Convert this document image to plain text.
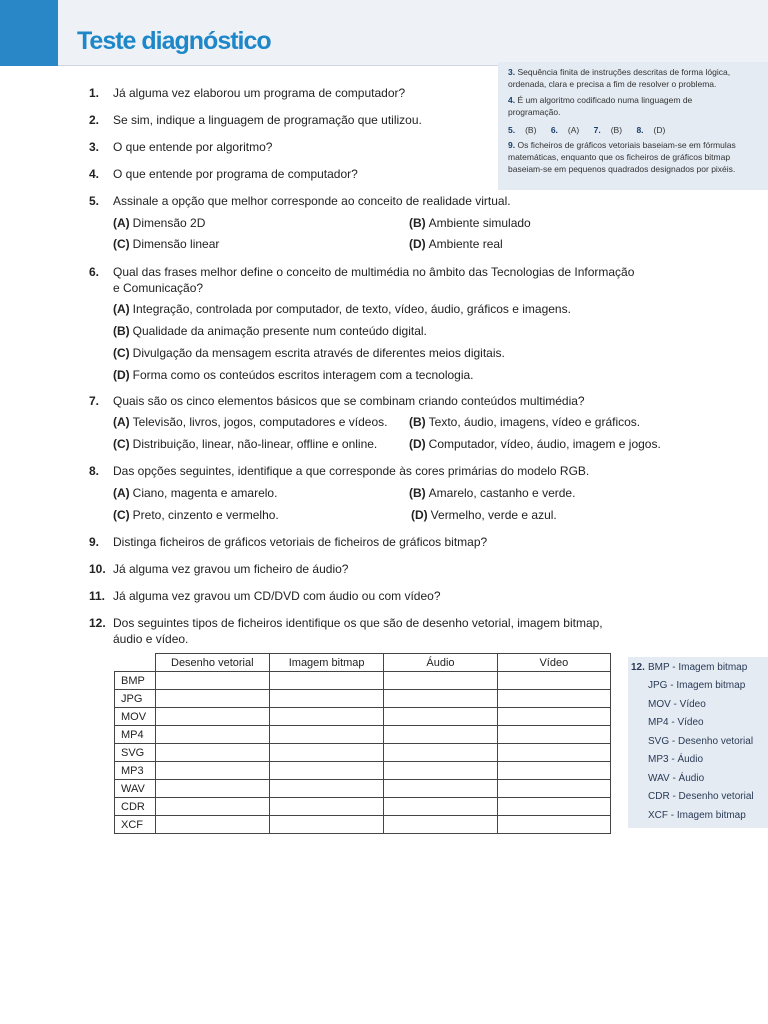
Teste diagnóstico
3. Sequência finita de instruções descritas de forma lógica, ordenada, clara e precisa a fim de resolver o problema.
4. É um algoritmo codificado numa linguagem de programação.
5. (B) 6. (A) 7. (B) 8. (D)
9. Os ficheiros de gráficos vetoriais baseiam-se em fórmulas matemáticas, enquanto que os ficheiros de gráficos bitmap baseiam-se em pequenos quadrados designados por pixéis.
1. Já alguma vez elaborou um programa de computador?
2. Se sim, indique a linguagem de programação que utilizou.
3. O que entende por algoritmo?
4. O que entende por programa de computador?
5. Assinale a opção que melhor corresponde ao conceito de realidade virtual.
(A) Dimensão 2D	(B) Ambiente simulado
(C) Dimensão linear	(D) Ambiente real
6. Qual das frases melhor define o conceito de multimédia no âmbito das Tecnologias de Informação
e Comunicação?
(A) Integração, controlada por computador, de texto, vídeo, áudio, gráficos e imagens.
(B) Qualidade da animação presente num conteúdo digital.
(C) Divulgação da mensagem escrita através de diferentes meios digitais.
(D) Forma como os conteúdos escritos interagem com a tecnologia.
7. Quais são os cinco elementos básicos que se combinam criando conteúdos multimédia?
(A) Televisão, livros, jogos, computadores e vídeos. (B) Texto, áudio, imagens, vídeo e gráficos.
(C) Distribuição, linear, não-linear, offline e online.	(D) Computador, vídeo, áudio, imagem e jogos.
8. Das opções seguintes, identifique a que corresponde às cores primárias do modelo RGB.
(A) Ciano, magenta e amarelo.	(B) Amarelo, castanho e verde.
(C) Preto, cinzento e vermelho.	(D) Vermelho, verde e azul.
9. Distinga ficheiros de gráficos vetoriais de ficheiros de gráficos bitmap?
10. Já alguma vez gravou um ficheiro de áudio?
11. Já alguma vez gravou um CD/DVD com áudio ou com vídeo?
12. Dos seguintes tipos de ficheiros identifique os que são de desenho vetorial, imagem bitmap,
áudio e vídeo.
	Desenho vetorial	Imagem bitmap	Áudio	Vídeo
BMP				
JPG				
MOV				
MP4				
SVG				
MP3				
WAV				
CDR				
XCF				
12. BMP - Imagem bitmap
JPG - Imagem bitmap
MOV - Vídeo
MP4 - Vídeo
SVG - Desenho vetorial
MP3 - Áudio
WAV - Áudio
CDR - Desenho vetorial
XCF - Imagem bitmap
